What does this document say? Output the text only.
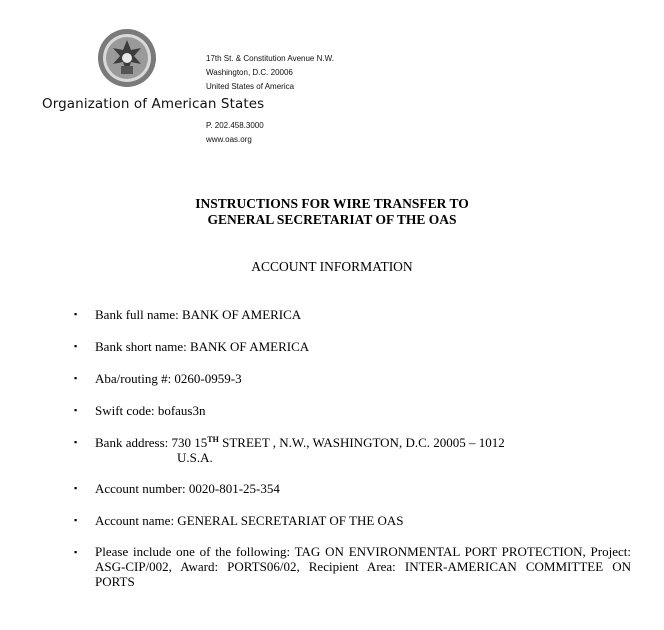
Organization of American States
17th St. & Constitution Avenue N.W.
Washington, D.C. 20006
United States of America
P. 202.458.3000
www.oas.org
INSTRUCTIONS FOR WIRE TRANSFER TO
GENERAL SECRETARIAT OF THE OAS
ACCOUNT INFORMATION
▪ Bank full name: BANK OF AMERICA
▪ Bank short name: BANK OF AMERICA
▪ Aba/routing #: 0260-0959-3
▪ Swift code: bofaus3n
▪ Bank address: 730 15TH STREET , N.W., WASHINGTON, D.C. 20005 – 1012
U.S.A.
▪ Account number: 0020-801-25-354
▪ Account name: GENERAL SECRETARIAT OF THE OAS
▪ Please include one of the following: TAG ON ENVIRONMENTAL PORT PROTECTION, Project: ASG-CIP/002, Award: PORTS06/02, Recipient Area: INTER-AMERICAN COMMITTEE ON PORTS
